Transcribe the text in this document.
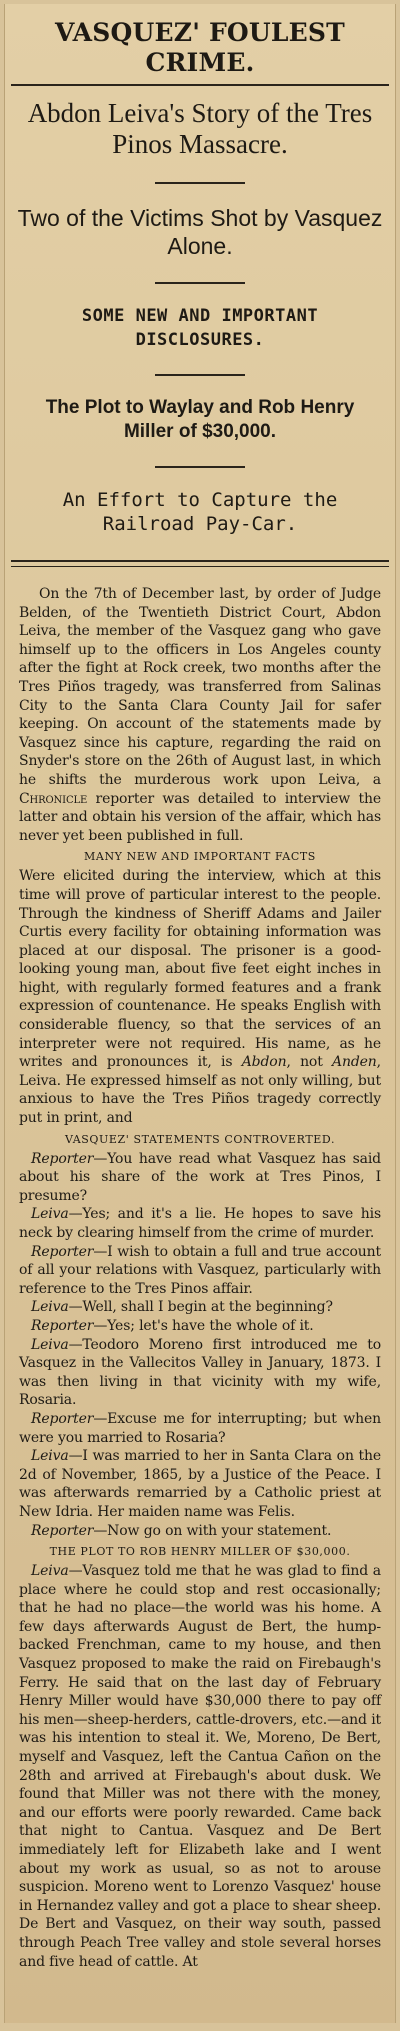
VASQUEZ' FOULEST CRIME.
Abdon Leiva's Story of the Tres Pinos Massacre.
Two of the Victims Shot by Vasquez Alone.
SOME NEW AND IMPORTANT DISCLOSURES.
The Plot to Waylay and Rob Henry Miller of $30,000.
An Effort to Capture the Railroad Pay-Car.

On the 7th of December last, by order of Judge Belden, of the Twentieth District Court, Abdon Leiva, the member of the Vasquez gang who gave himself up to the officers in Los Angeles county after the fight at Rock creek, two months after the Tres Piños tragedy, was transferred from Salinas City to the Santa Clara County Jail for safer keeping. On account of the statements made by Vasquez since his capture, regarding the raid on Snyder's store on the 26th of August last, in which he shifts the murderous work upon Leiva, a Chronicle reporter was detailed to interview the latter and obtain his version of the affair, which has never yet been published in full.

MANY NEW AND IMPORTANT FACTS

Were elicited during the interview, which at this time will prove of particular interest to the people. Through the kindness of Sheriff Adams and Jailer Curtis every facility for obtaining information was placed at our disposal. The prisoner is a good-looking young man, about five feet eight inches in hight, with regularly formed features and a frank expression of countenance. He speaks English with considerable fluency, so that the services of an interpreter were not required. His name, as he writes and pronounces it, is Abdon, not Anden, Leiva. He expressed himself as not only willing, but anxious to have the Tres Piños tragedy correctly put in print, and

VASQUEZ' STATEMENTS CONTROVERTED.

Reporter—You have read what Vasquez has said about his share of the work at Tres Pinos, I presume?

Leiva—Yes; and it's a lie. He hopes to save his neck by clearing himself from the crime of murder.

Reporter—I wish to obtain a full and true account of all your relations with Vasquez, particularly with reference to the Tres Pinos affair.

Leiva—Well, shall I begin at the beginning?

Reporter—Yes; let's have the whole of it.

Leiva—Teodoro Moreno first introduced me to Vasquez in the Vallecitos Valley in January, 1873. I was then living in that vicinity with my wife, Rosaria.

Reporter—Excuse me for interrupting; but when were you married to Rosaria?

Leiva—I was married to her in Santa Clara on the 2d of November, 1865, by a Justice of the Peace. I was afterwards remarried by a Catholic priest at New Idria. Her maiden name was Felis.

Reporter—Now go on with your statement.

THE PLOT TO ROB HENRY MILLER OF $30,000.

Leiva—Vasquez told me that he was glad to find a place where he could stop and rest occasionally; that he had no place—the world was his home. A few days afterwards August de Bert, the hump-backed Frenchman, came to my house, and then Vasquez proposed to make the raid on Firebaugh's Ferry. He said that on the last day of February Henry Miller would have $30,000 there to pay off his men—sheep-herders, cattle-drovers, etc.—and it was his intention to steal it. We, Moreno, De Bert, myself and Vasquez, left the Cantua Cañon on the 28th and arrived at Firebaugh's about dusk. We found that Miller was not there with the money, and our efforts were poorly rewarded. Came back that night to Cantua. Vasquez and De Bert immediately left for Elizabeth lake and I went about my work as usual, so as not to arouse suspicion. Moreno went to Lorenzo Vasquez' house in Hernandez valley and got a place to shear sheep. De Bert and Vasquez, on their way south, passed through Peach Tree valley and stole several horses and five head of cattle. At
